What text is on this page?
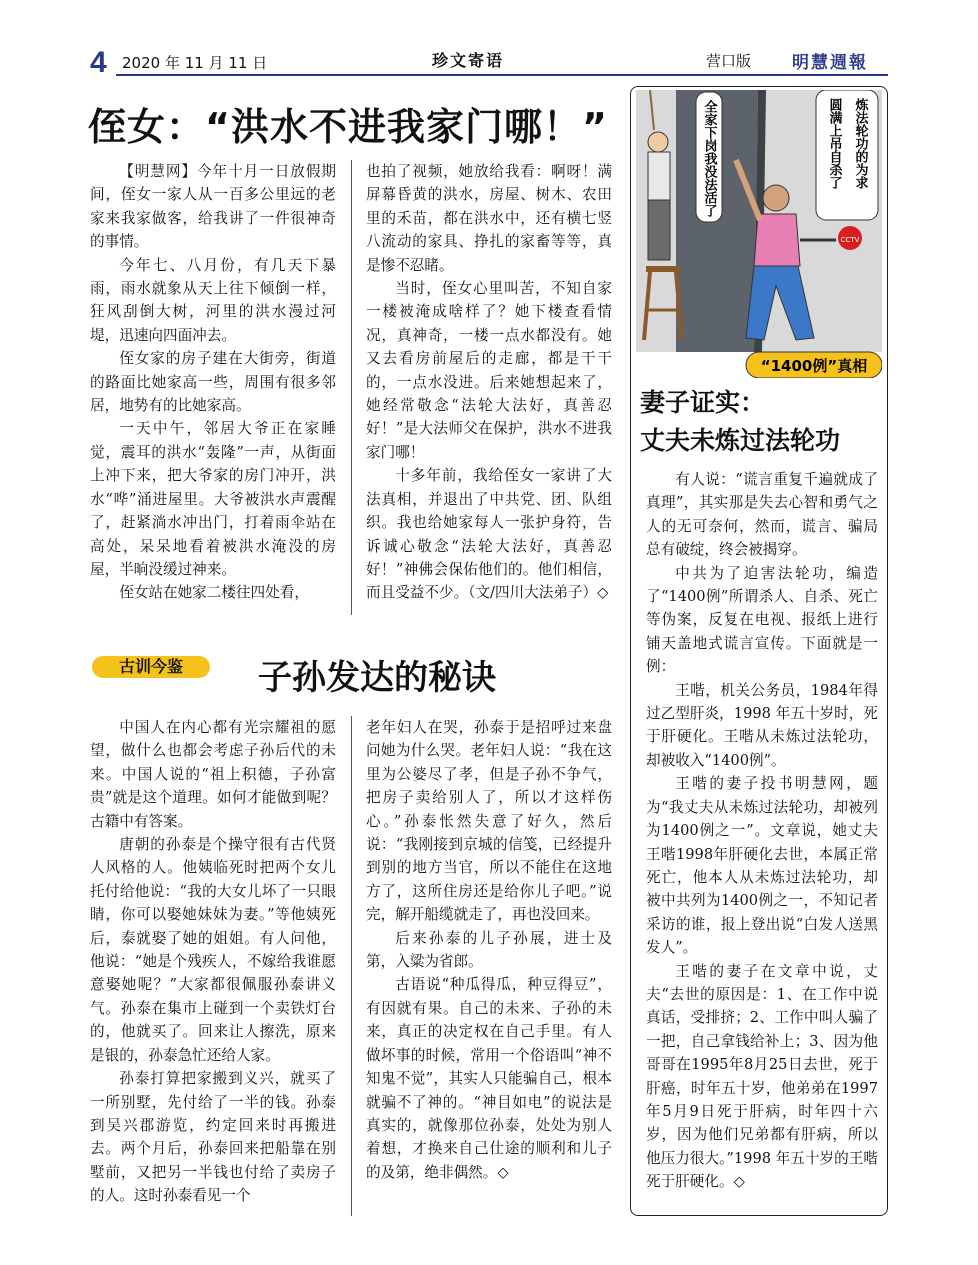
4 2020 年 11 月 11 日	珍文寄语	营口版 明慧週報
侄女：“洪水不进我家门哪！”

【明慧网】今年十月一日放假期间，侄女一家人从一百多公里远的老家来我家做客，给我讲了一件很神奇的事情。

今年七、八月份，有几天下暴雨，雨水就象从天上往下倾倒一样，狂风刮倒大树，河里的洪水漫过河堤，迅速向四面冲去。

侄女家的房子建在大街旁，街道的路面比她家高一些，周围有很多邻居，地势有的比她家高。

一天中午，邻居大爷正在家睡觉，震耳的洪水“轰隆”一声，从街面上冲下来，把大爷家的房门冲开，洪水“哗”涌进屋里。大爷被洪水声震醒了，赶紧淌水冲出门，打着雨伞站在高处，呆呆地看着被洪水淹没的房屋，半晌没缓过神来。

侄女站在她家二楼往四处看，

也拍了视频，她放给我看：啊呀！满屏幕昏黄的洪水，房屋、树木、农田里的禾苗，都在洪水中，还有横七竖八流动的家具、挣扎的家畜等等，真是惨不忍睹。

当时，侄女心里叫苦，不知自家一楼被淹成啥样了？她下楼查看情况，真神奇，一楼一点水都没有。她又去看房前屋后的走廊，都是干干的，一点水没进。后来她想起来了，她经常敬念“法轮大法好，真善忍好！”是大法师父在保护，洪水不进我家门哪！

十多年前，我给侄女一家讲了大法真相，并退出了中共党、团、队组织。我也给她家每人一张护身符，告诉诚心敬念“法轮大法好，真善忍好！”神佛会保佑他们的。他们相信，而且受益不少。（文/四川大法弟子）◇

古训今鉴	子孙发达的秘诀

中国人在内心都有光宗耀祖的愿望，做什么也都会考虑子孙后代的未来。中国人说的“祖上积德，子孙富贵”就是这个道理。如何才能做到呢？古籍中有答案。

唐朝的孙泰是个操守很有古代贤人风格的人。他姨临死时把两个女儿托付给他说：“我的大女儿坏了一只眼睛，你可以娶她妹妹为妻。”等他姨死后，泰就娶了她的姐姐。有人问他，他说：“她是个残疾人，不嫁给我谁愿意娶她呢？”大家都很佩服孙泰讲义气。孙泰在集市上碰到一个卖铁灯台的，他就买了。回来让人擦洗，原来是银的，孙泰急忙还给人家。

孙泰打算把家搬到义兴，就买了一所别墅，先付给了一半的钱。孙泰到吴兴郡游览，约定回来时再搬进去。两个月后，孙泰回来把船靠在别墅前，又把另一半钱也付给了卖房子的人。这时孙泰看见一个

老年妇人在哭，孙泰于是招呼过来盘问她为什么哭。老年妇人说：“我在这里为公婆尽了孝，但是子孙不争气，把房子卖给别人了，所以才这样伤心。”孙泰怅然失意了好久，然后说：“我刚接到京城的信笺，已经提升到别的地方当官，所以不能住在这地方了，这所住房还是给你儿子吧。”说完，解开船缆就走了，再也没回来。

后来孙泰的儿子孙展，进士及第，入粱为省郎。

古语说“种瓜得瓜，种豆得豆”，有因就有果。自己的未来、子孙的未来，真正的决定权在自己手里。有人做坏事的时候，常用一个俗语叫“神不知鬼不觉”，其实人只能骗自己，根本就骗不了神的。“神目如电”的说法是真实的，就像那位孙泰，处处为别人着想，才换来自己仕途的顺利和儿子的及第，绝非偶然。◇

CCTV
全家下岗我没法活了	炼法轮功的为求
圆满上吊自杀了
“1400例”真相
妻子证实：
丈夫未炼过法轮功

有人说：“谎言重复千遍就成了真理”，其实那是失去心智和勇气之人的无可奈何，然而，谎言、骗局总有破绽，终会被揭穿。

中共为了迫害法轮功，编造了“1400例”所谓杀人、自杀、死亡等伪案，反复在电视、报纸上进行铺天盖地式谎言宣传。下面就是一例：

王喈，机关公务员，1984年得过乙型肝炎，1998 年五十岁时，死于肝硬化。王喈从未炼过法轮功，却被收入“1400例”。

王喈的妻子投书明慧网，题为“我丈夫从未炼过法轮功，却被列为1400例之一”。文章说，她丈夫王喈1998年肝硬化去世，本属正常死亡，他本人从未炼过法轮功，却被中共列为1400例之一，不知记者采访的谁，报上登出说“白发人送黑发人”。

王喈的妻子在文章中说，丈夫“去世的原因是：1、在工作中说真话，受排挤；2、工作中叫人骗了一把，自己拿钱给补上；3、因为他哥哥在1995年8月25日去世，死于肝癌，时年五十岁，他弟弟在1997年5月9日死于肝病，时年四十六岁，因为他们兄弟都有肝病，所以他压力很大。”1998 年五十岁的王喈死于肝硬化。◇
